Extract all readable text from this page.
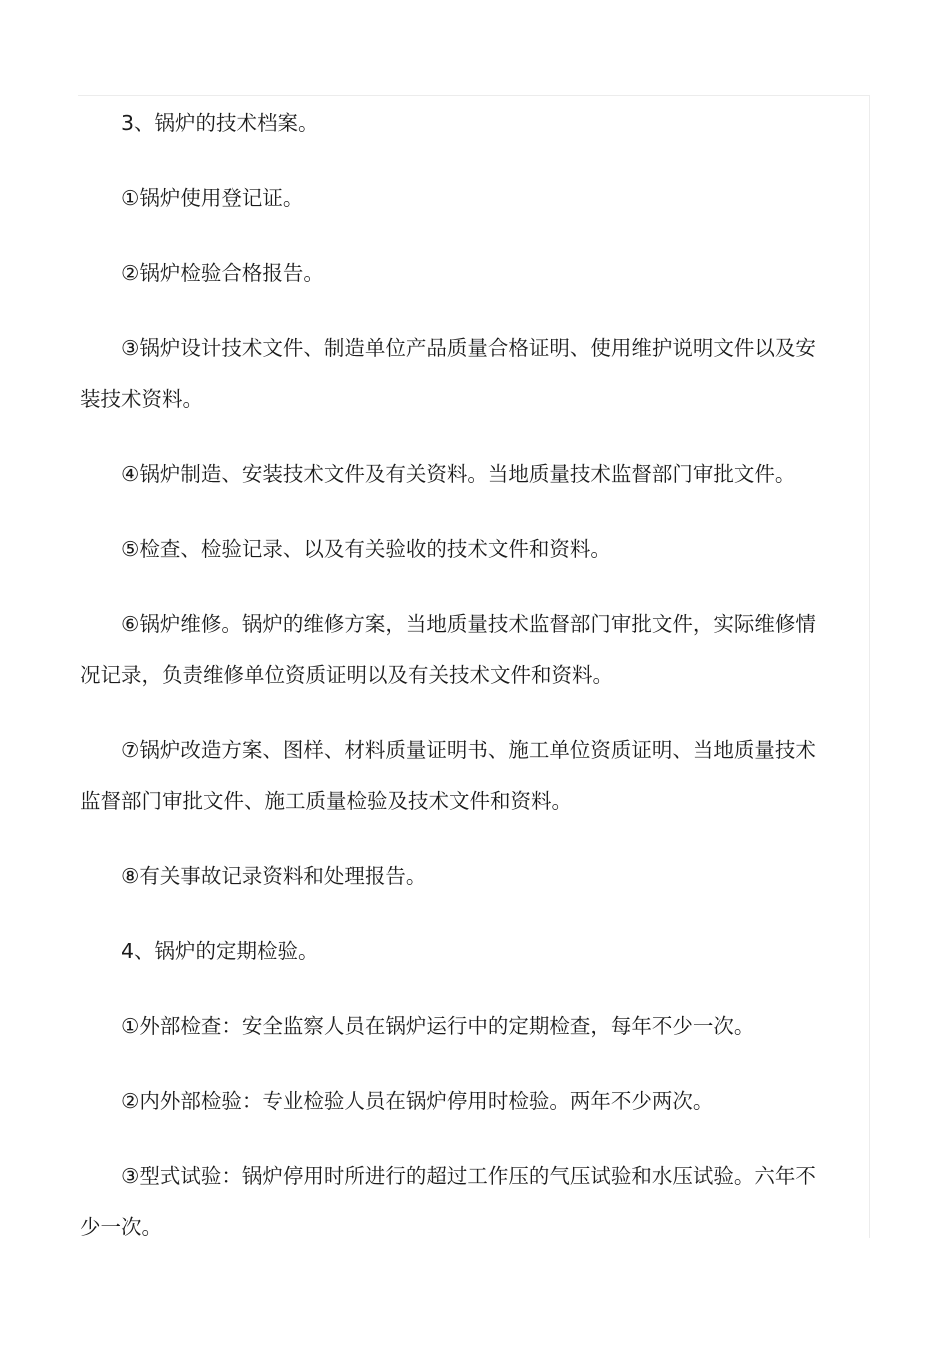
3、锅炉的技术档案。

①锅炉使用登记证。

②锅炉检验合格报告。

③锅炉设计技术文件、制造单位产品质量合格证明、使用维护说明文件以及安装技术资料。

④锅炉制造、安装技术文件及有关资料。当地质量技术监督部门审批文件。

⑤检查、检验记录、以及有关验收的技术文件和资料。

⑥锅炉维修。锅炉的维修方案，当地质量技术监督部门审批文件，实际维修情况记录，负责维修单位资质证明以及有关技术文件和资料。

⑦锅炉改造方案、图样、材料质量证明书、施工单位资质证明、当地质量技术监督部门审批文件、施工质量检验及技术文件和资料。

⑧有关事故记录资料和处理报告。

4、锅炉的定期检验。

①外部检查：安全监察人员在锅炉运行中的定期检查，每年不少一次。

②内外部检验：专业检验人员在锅炉停用时检验。两年不少两次。

③型式试验：锅炉停用时所进行的超过工作压的气压试验和水压试验。六年不少一次。
